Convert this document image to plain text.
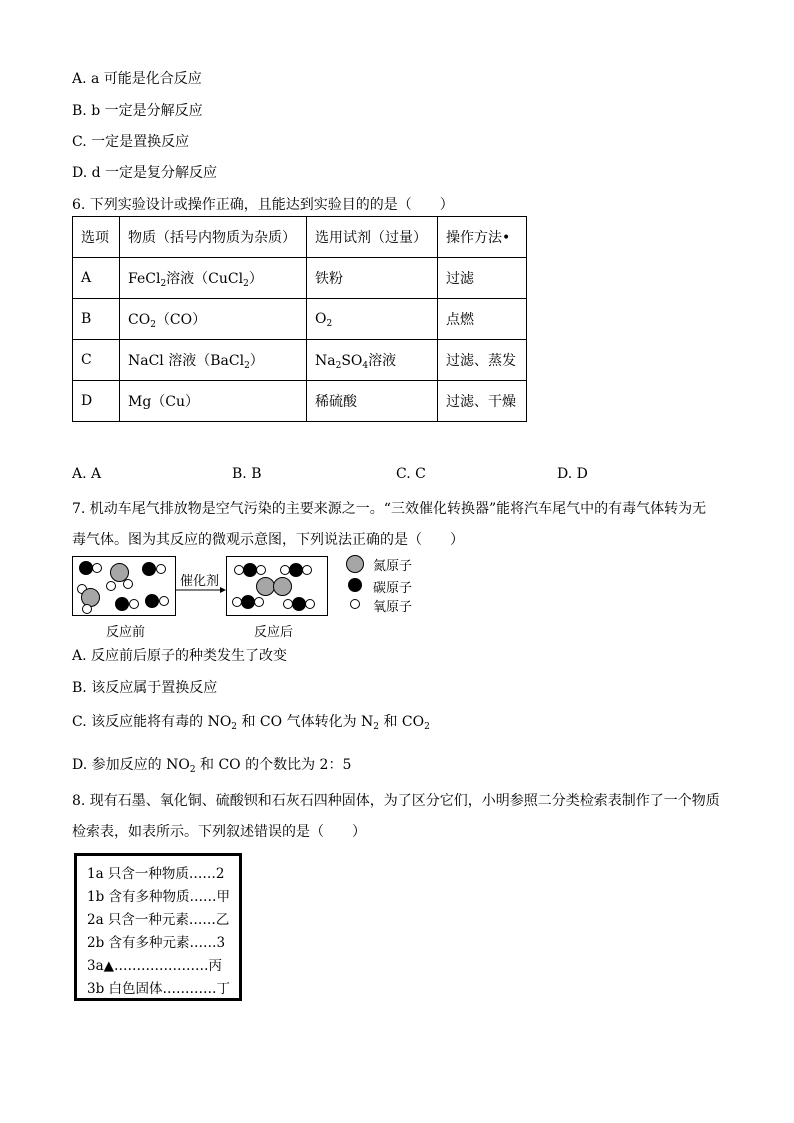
A. a 可能是化合反应
B. b 一定是分解反应
C. 一定是置换反应
D. d 一定是复分解反应
6. 下列实验设计或操作正确，且能达到实验目的的是（　　）
选项	物质（括号内物质为杂质）	选用试剂（过量）	操作方法•
A	FeCl$_2$溶液（CuCl$_2$）	铁粉	过滤
B	$CO_2(CO)$	$O_2$	点燃
C	NaCl 溶液（BaCl$_2$）	$Na_2SO_4$溶液	过滤、蒸发
D	Mg（Cu）	稀硫酸	过滤、干燥
A. A	B. B	C. C	D. D
7. 机动车尾气排放物是空气污染的主要来源之一。“三效催化转换器”能将汽车尾气中的有毒气体转为无
毒气体。图为其反应的微观示意图，下列说法正确的是（　　）
催化剂
反应前	反应后
氮原子
碳原子
氧原子
A. 反应前后原子的种类发生了改变
B. 该反应属于置换反应
C. 该反应能将有毒的 $NO_2$ 和 CO 气体转化为 $N_2$ 和 $CO_2$
D. 参加反应的 $NO_2$ 和 CO 的个数比为 2：5
8. 现有石墨、氧化铜、硫酸钡和石灰石四种固体，为了区分它们，小明参照二分类检索表制作了一个物质
检索表，如表所示。下列叙述错误的是（　　）
1a 只含一种物质……2
1b 含有多种物质……甲
2a 只含一种元素……乙
2b 含有多种元素……3
3a▲…………………丙
3b 白色固体…………丁
